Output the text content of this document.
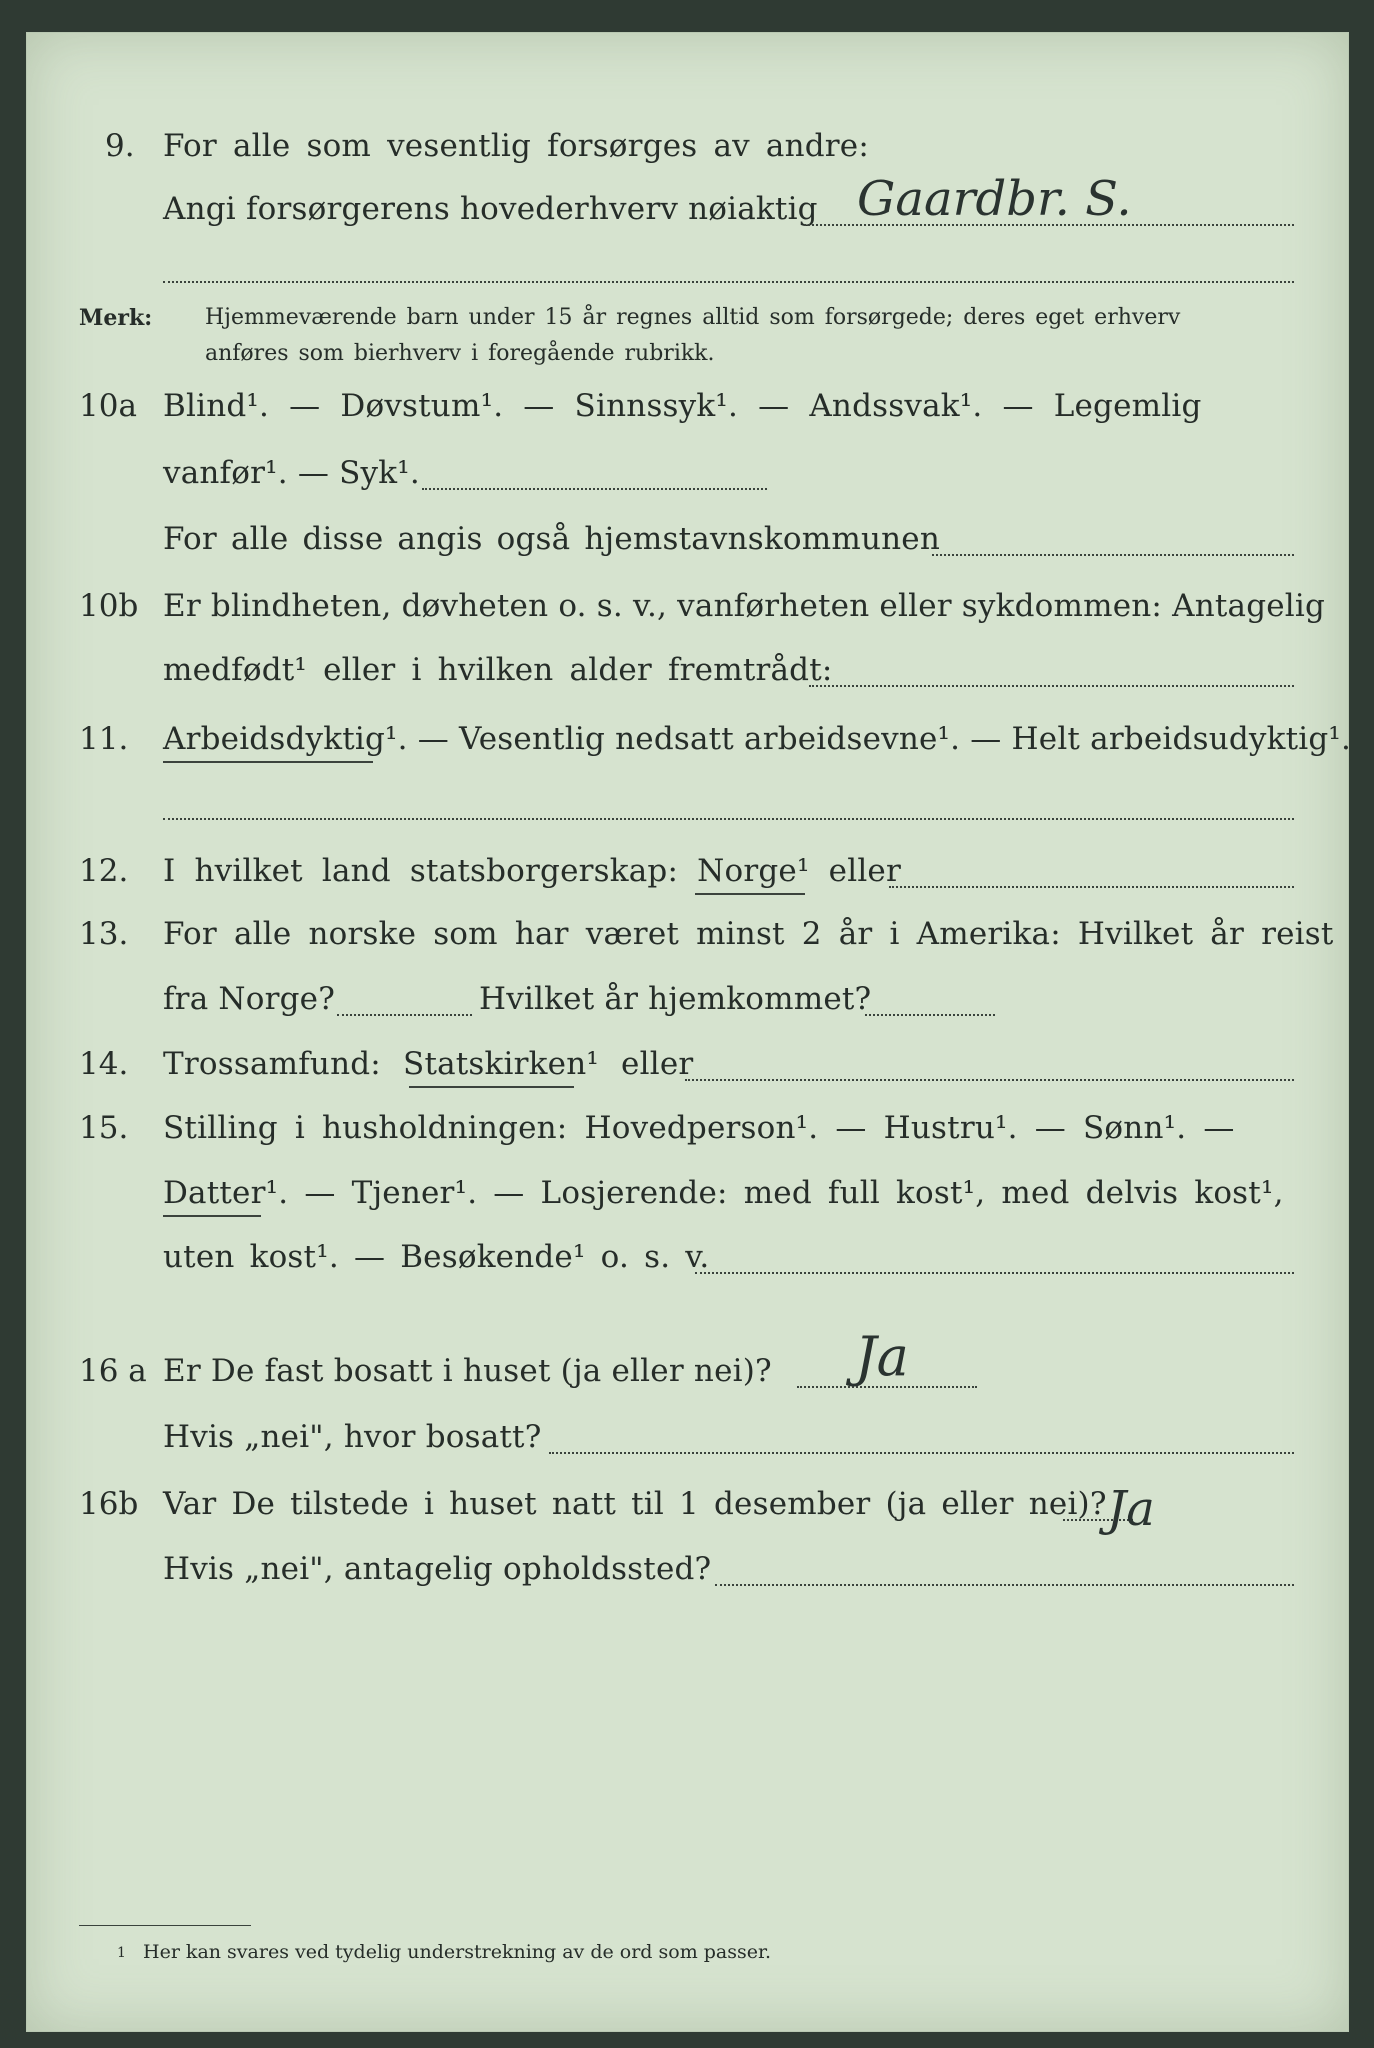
9. For alle som vesentlig forsørges av andre:
Angi forsørgerens hovederhverv nøiaktig Gaardbr. S.
Merk: Hjemmeværende barn under 15 år regnes alltid som forsørgede; deres eget erhverv
anføres som bierhverv i foregående rubrikk.
10a Blind¹. — Døvstum¹. — Sinnssyk¹. — Andssvak¹. — Legemlig
vanfør¹. — Syk¹.
For alle disse angis også hjemstavnskommunen
10b Er blindheten, døvheten o. s. v., vanførheten eller sykdommen: Antagelig
medfødt¹ eller i hvilken alder fremtrådt:
11. Arbeidsdyktig¹. — Vesentlig nedsatt arbeidsevne¹. — Helt arbeidsudyktig¹.
12. I hvilket land statsborgerskap: Norge¹ eller
13. For alle norske som har været minst 2 år i Amerika: Hvilket år reist
fra Norge?	Hvilket år hjemkommet?
14. Trossamfund: Statskirken¹ eller
15. Stilling i husholdningen: Hovedperson¹. — Hustru¹. — Sønn¹. —
Datter¹. — Tjener¹. — Losjerende: med full kost¹, med delvis kost¹,
uten kost¹. — Besøkende¹ o. s. v.
16 a Er De fast bosatt i huset (ja eller nei)? Ja
Hvis „nei", hvor bosatt?
16b Var De tilstede i huset natt til 1 desember (ja eller nei)? Ja
Hvis „nei", antagelig opholdssted?
1 Her kan svares ved tydelig understrekning av de ord som passer.
